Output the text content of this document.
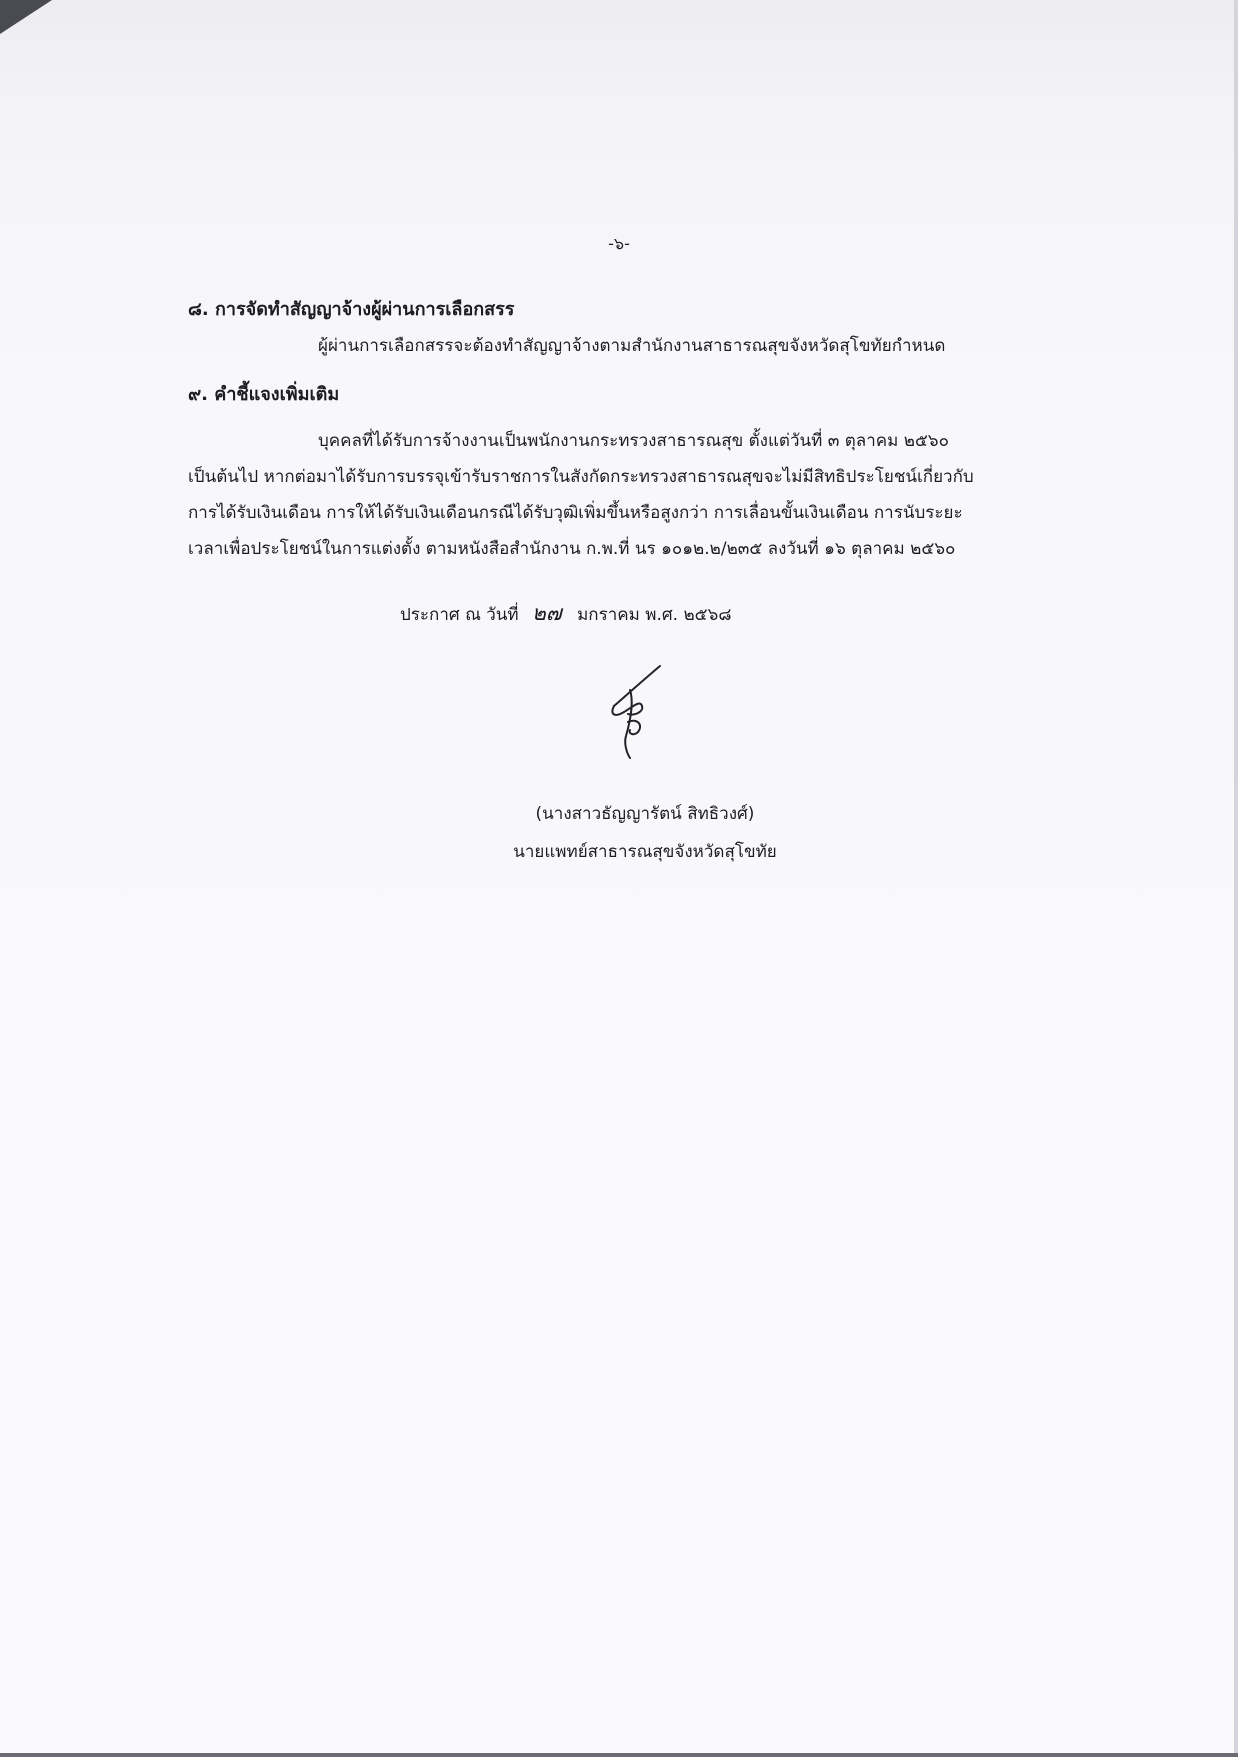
-๖-
๘. การจัดทำสัญญาจ้างผู้ผ่านการเลือกสรร
ผู้ผ่านการเลือกสรรจะต้องทำสัญญาจ้างตามสำนักงานสาธารณสุขจังหวัดสุโขทัยกำหนด
๙. คำชี้แจงเพิ่มเติม
บุคคลที่ได้รับการจ้างงานเป็นพนักงานกระทรวงสาธารณสุข ตั้งแต่วันที่ ๓ ตุลาคม ๒๕๖๐
เป็นต้นไป หากต่อมาได้รับการบรรจุเข้ารับราชการในสังกัดกระทรวงสาธารณสุขจะไม่มีสิทธิประโยชน์เกี่ยวกับ
การได้รับเงินเดือน การให้ได้รับเงินเดือนกรณีได้รับวุฒิเพิ่มขึ้นหรือสูงกว่า การเลื่อนขั้นเงินเดือน การนับระยะ
เวลาเพื่อประโยชน์ในการแต่งตั้ง ตามหนังสือสำนักงาน ก.พ.ที่ นร ๑๐๑๒.๒/๒๓๕ ลงวันที่ ๑๖ ตุลาคม ๒๕๖๐
ประกาศ ณ วันที่ ๒๗ มกราคม พ.ศ. ๒๕๖๘
(นางสาวธัญญารัตน์ สิทธิวงศ์)
นายแพทย์สาธารณสุขจังหวัดสุโขทัย
